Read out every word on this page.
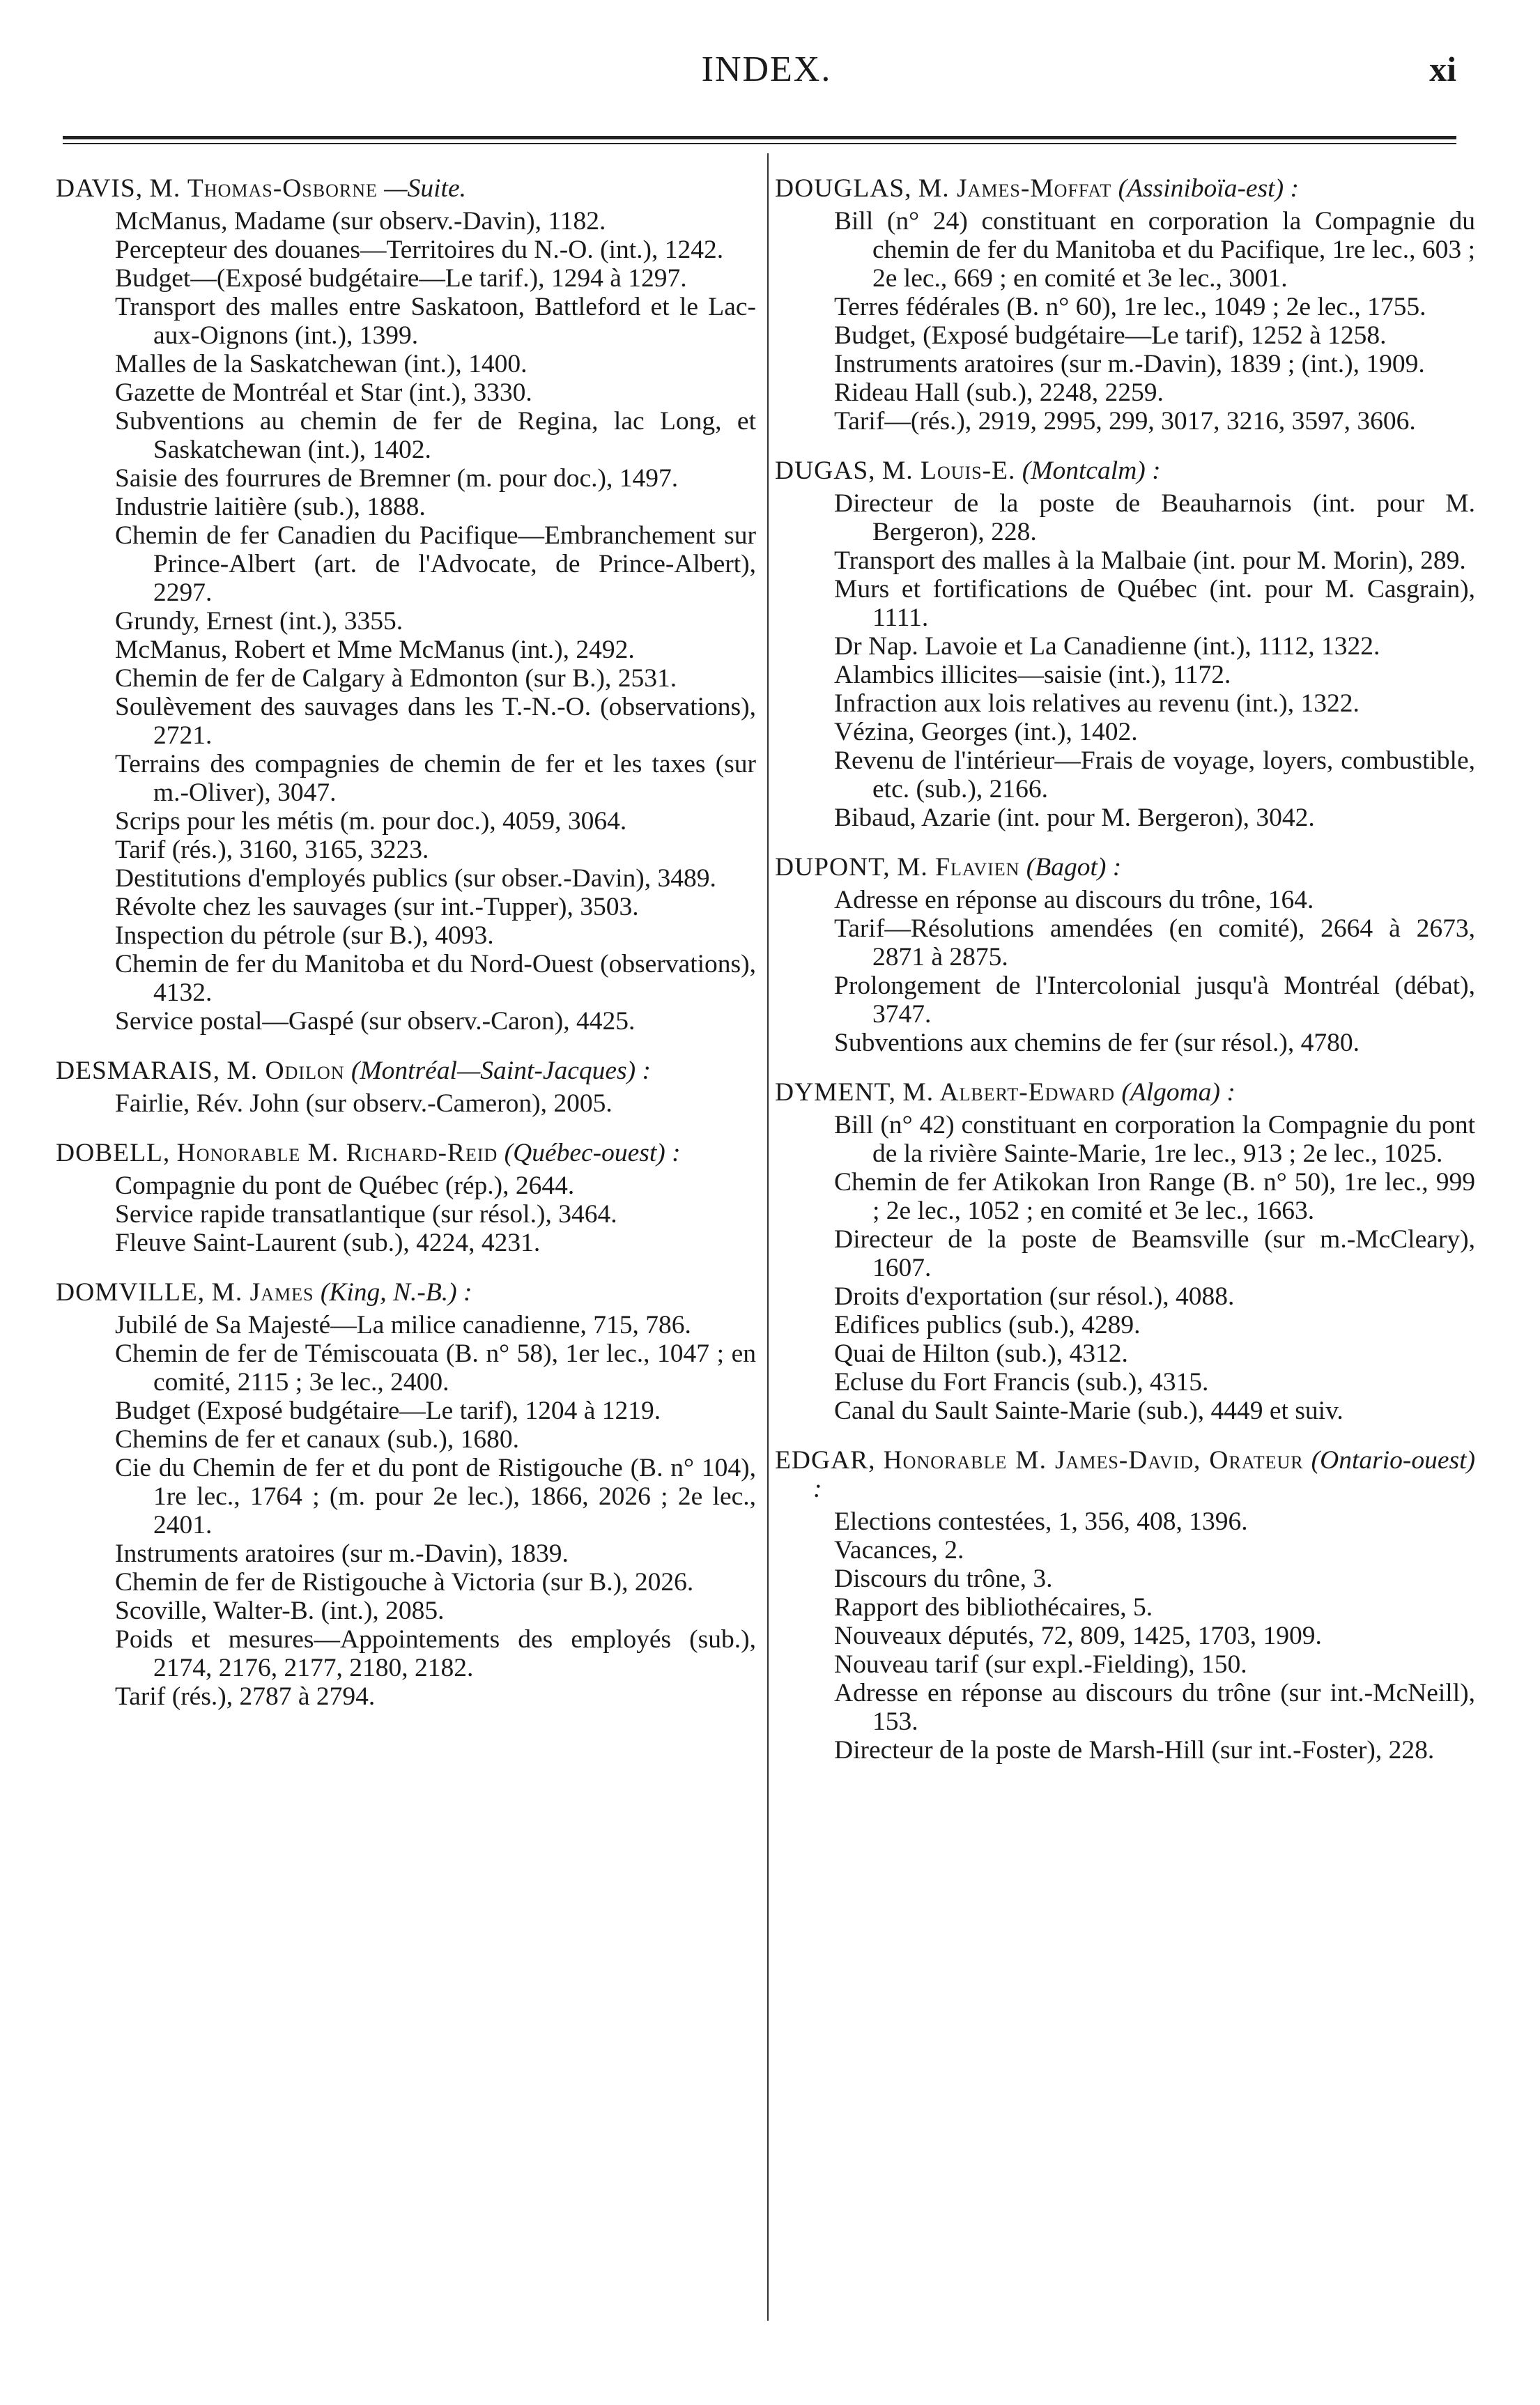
INDEX.	xi
DAVIS, M. Thomas-Osborne —Suite.
McManus, Madame (sur observ.-Davin), 1182.
Percepteur des douanes—Territoires du N.-O. (int.), 1242.
Budget—(Exposé budgétaire—Le tarif.), 1294 à 1297.
Transport des malles entre Saskatoon, Battleford et le Lac-aux-Oignons (int.), 1399.
Malles de la Saskatchewan (int.), 1400.
Gazette de Montréal et Star (int.), 3330.
Subventions au chemin de fer de Regina, lac Long, et Saskatchewan (int.), 1402.
Saisie des fourrures de Bremner (m. pour doc.), 1497.
Industrie laitière (sub.), 1888.
Chemin de fer Canadien du Pacifique—Embranchement sur Prince-Albert (art. de l'Advocate, de Prince-Albert), 2297.
Grundy, Ernest (int.), 3355.
McManus, Robert et Mme McManus (int.), 2492.
Chemin de fer de Calgary à Edmonton (sur B.), 2531.
Soulèvement des sauvages dans les T.-N.-O. (observations), 2721.
Terrains des compagnies de chemin de fer et les taxes (sur m.-Oliver), 3047.
Scrips pour les métis (m. pour doc.), 4059, 3064.
Tarif (rés.), 3160, 3165, 3223.
Destitutions d'employés publics (sur obser.-Davin), 3489.
Révolte chez les sauvages (sur int.-Tupper), 3503.
Inspection du pétrole (sur B.), 4093.
Chemin de fer du Manitoba et du Nord-Ouest (observations), 4132.
Service postal—Gaspé (sur observ.-Caron), 4425.
DESMARAIS, M. Odilon (Montréal—Saint-Jacques) :
Fairlie, Rév. John (sur observ.-Cameron), 2005.
DOBELL, Honorable M. Richard-Reid (Québec-ouest) :
Compagnie du pont de Québec (rép.), 2644.
Service rapide transatlantique (sur résol.), 3464.
Fleuve Saint-Laurent (sub.), 4224, 4231.
DOMVILLE, M. James (King, N.-B.) :
Jubilé de Sa Majesté—La milice canadienne, 715, 786.
Chemin de fer de Témiscouata (B. n° 58), 1er lec., 1047 ; en comité, 2115 ; 3e lec., 2400.
Budget (Exposé budgétaire—Le tarif), 1204 à 1219.
Chemins de fer et canaux (sub.), 1680.
Cie du Chemin de fer et du pont de Ristigouche (B. n° 104), 1re lec., 1764 ; (m. pour 2e lec.), 1866, 2026 ; 2e lec., 2401.
Instruments aratoires (sur m.-Davin), 1839.
Chemin de fer de Ristigouche à Victoria (sur B.), 2026.
Scoville, Walter-B. (int.), 2085.
Poids et mesures—Appointements des employés (sub.), 2174, 2176, 2177, 2180, 2182.
Tarif (rés.), 2787 à 2794.
DOUGLAS, M. James-Moffat (Assiniboïa-est) :
Bill (n° 24) constituant en corporation la Compagnie du chemin de fer du Manitoba et du Pacifique, 1re lec., 603 ; 2e lec., 669 ; en comité et 3e lec., 3001.
Terres fédérales (B. n° 60), 1re lec., 1049 ; 2e lec., 1755.
Budget, (Exposé budgétaire—Le tarif), 1252 à 1258.
Instruments aratoires (sur m.-Davin), 1839 ; (int.), 1909.
Rideau Hall (sub.), 2248, 2259.
Tarif—(rés.), 2919, 2995, 299, 3017, 3216, 3597, 3606.
DUGAS, M. Louis-E. (Montcalm) :
Directeur de la poste de Beauharnois (int. pour M. Bergeron), 228.
Transport des malles à la Malbaie (int. pour M. Morin), 289.
Murs et fortifications de Québec (int. pour M. Casgrain), 1111.
Dr Nap. Lavoie et La Canadienne (int.), 1112, 1322.
Alambics illicites—saisie (int.), 1172.
Infraction aux lois relatives au revenu (int.), 1322.
Vézina, Georges (int.), 1402.
Revenu de l'intérieur—Frais de voyage, loyers, combustible, etc. (sub.), 2166.
Bibaud, Azarie (int. pour M. Bergeron), 3042.
DUPONT, M. Flavien (Bagot) :
Adresse en réponse au discours du trône, 164.
Tarif—Résolutions amendées (en comité), 2664 à 2673, 2871 à 2875.
Prolongement de l'Intercolonial jusqu'à Montréal (débat), 3747.
Subventions aux chemins de fer (sur résol.), 4780.
DYMENT, M. Albert-Edward (Algoma) :
Bill (n° 42) constituant en corporation la Compagnie du pont de la rivière Sainte-Marie, 1re lec., 913 ; 2e lec., 1025.
Chemin de fer Atikokan Iron Range (B. n° 50), 1re lec., 999 ; 2e lec., 1052 ; en comité et 3e lec., 1663.
Directeur de la poste de Beamsville (sur m.-McCleary), 1607.
Droits d'exportation (sur résol.), 4088.
Edifices publics (sub.), 4289.
Quai de Hilton (sub.), 4312.
Ecluse du Fort Francis (sub.), 4315.
Canal du Sault Sainte-Marie (sub.), 4449 et suiv.
EDGAR, Honorable M. James-David, Orateur (Ontario-ouest) :
Elections contestées, 1, 356, 408, 1396.
Vacances, 2.
Discours du trône, 3.
Rapport des bibliothécaires, 5.
Nouveaux députés, 72, 809, 1425, 1703, 1909.
Nouveau tarif (sur expl.-Fielding), 150.
Adresse en réponse au discours du trône (sur int.-McNeill), 153.
Directeur de la poste de Marsh-Hill (sur int.-Foster), 228.
